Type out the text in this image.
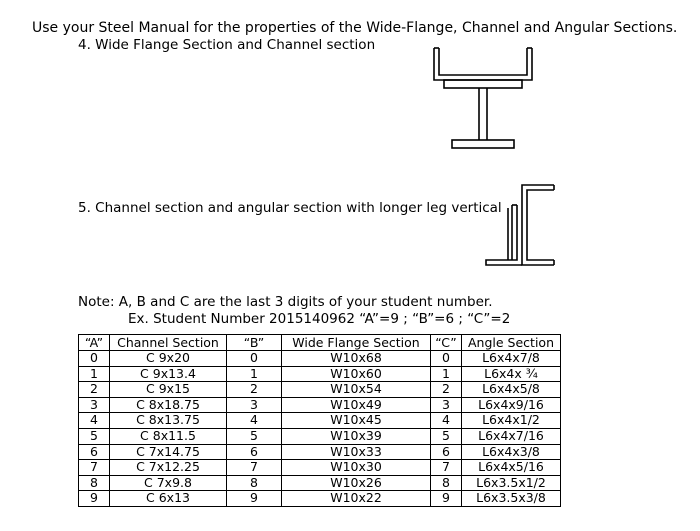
Use your Steel Manual for the properties of the Wide-Flange, Channel and Angular Sections.
4. Wide Flange Section and Channel section
5. Channel section and angular section with longer leg vertical
Note: A, B and C are the last 3 digits of your student number.
Ex. Student Number 2015140962 “A”=9 ; “B”=6 ; “C”=2
“A”	Channel Section	“B”	Wide Flange Section	“C”	Angle Section
0	C 9x20	0	W10x68	0	L6x4x7/8
1	C 9x13.4	1	W10x60	1	L6x4x ¾
2	C 9x15	2	W10x54	2	L6x4x5/8
3	C 8x18.75	3	W10x49	3	L6x4x9/16
4	C 8x13.75	4	W10x45	4	L6x4x1/2
5	C 8x11.5	5	W10x39	5	L6x4x7/16
6	C 7x14.75	6	W10x33	6	L6x4x3/8
7	C 7x12.25	7	W10x30	7	L6x4x5/16
8	C 7x9.8	8	W10x26	8	L6x3.5x1/2
9	C 6x13	9	W10x22	9	L6x3.5x3/8
